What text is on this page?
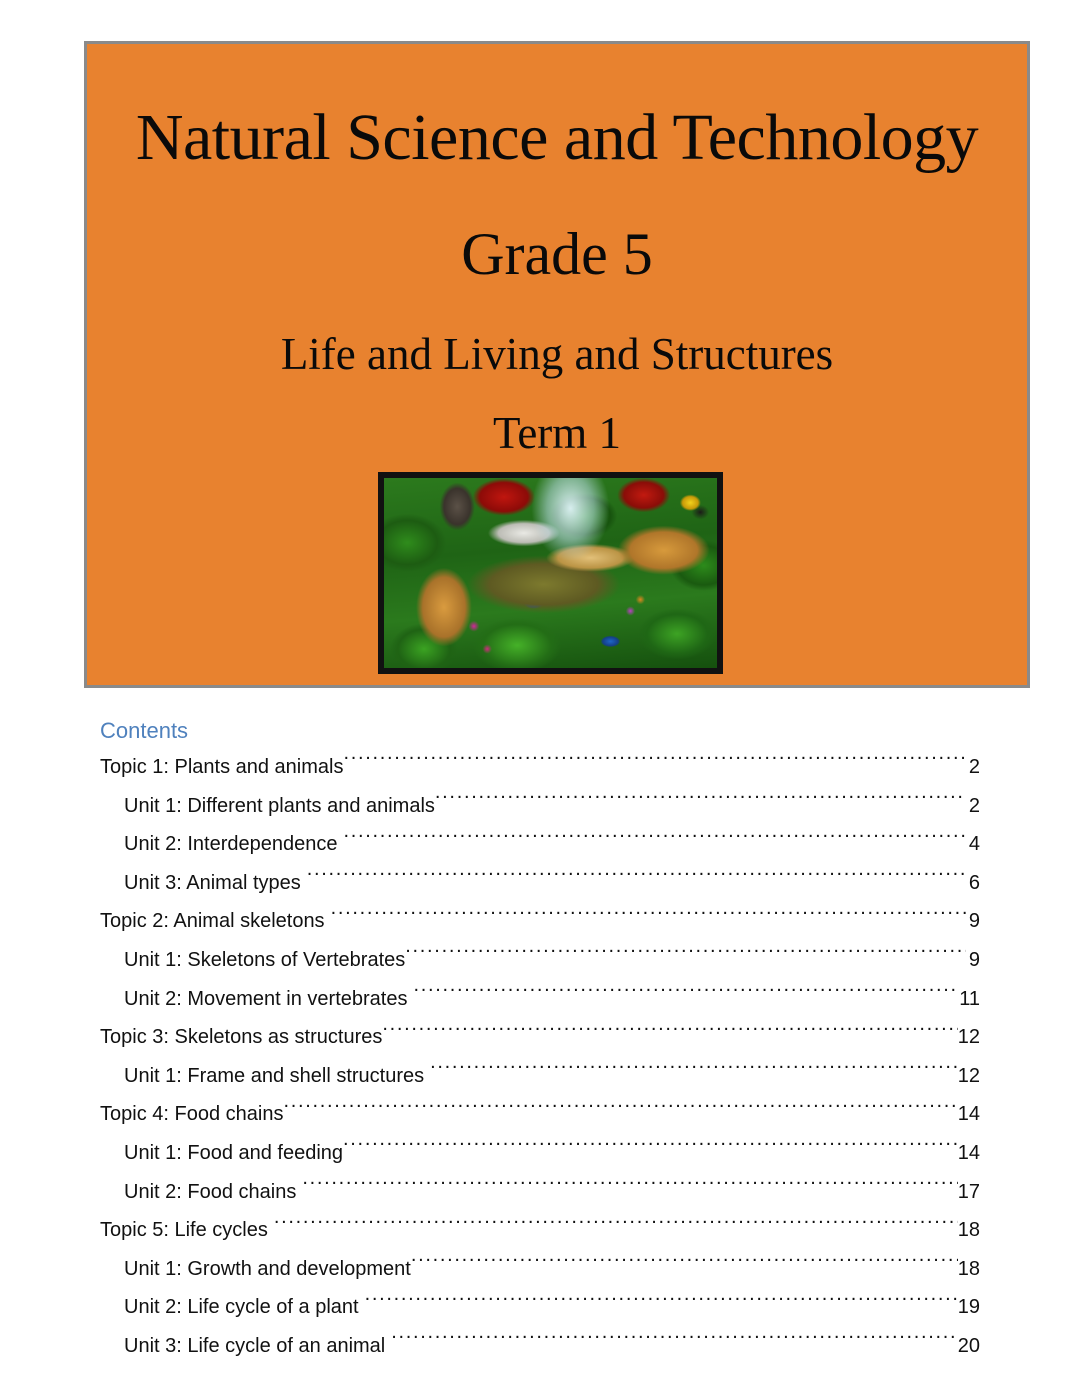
Natural Science and Technology
Grade 5
Life and Living and Structures
Term 1
Contents
Topic 1: Plants and animals .....	2
Unit 1: Different plants and animals .....	2
Unit 2: Interdependence .....	4
Unit 3: Animal types .....	6
Topic 2: Animal skeletons .....	9
Unit 1: Skeletons of Vertebrates .....	9
Unit 2: Movement in vertebrates .....	11
Topic 3: Skeletons as structures .....	12
Unit 1: Frame and shell structures .....	12
Topic 4: Food chains .....	14
Unit 1: Food and feeding .....	14
Unit 2: Food chains .....	17
Topic 5: Life cycles .....	18
Unit 1: Growth and development .....	18
Unit 2: Life cycle of a plant .....	19
Unit 3: Life cycle of an animal .....	20
